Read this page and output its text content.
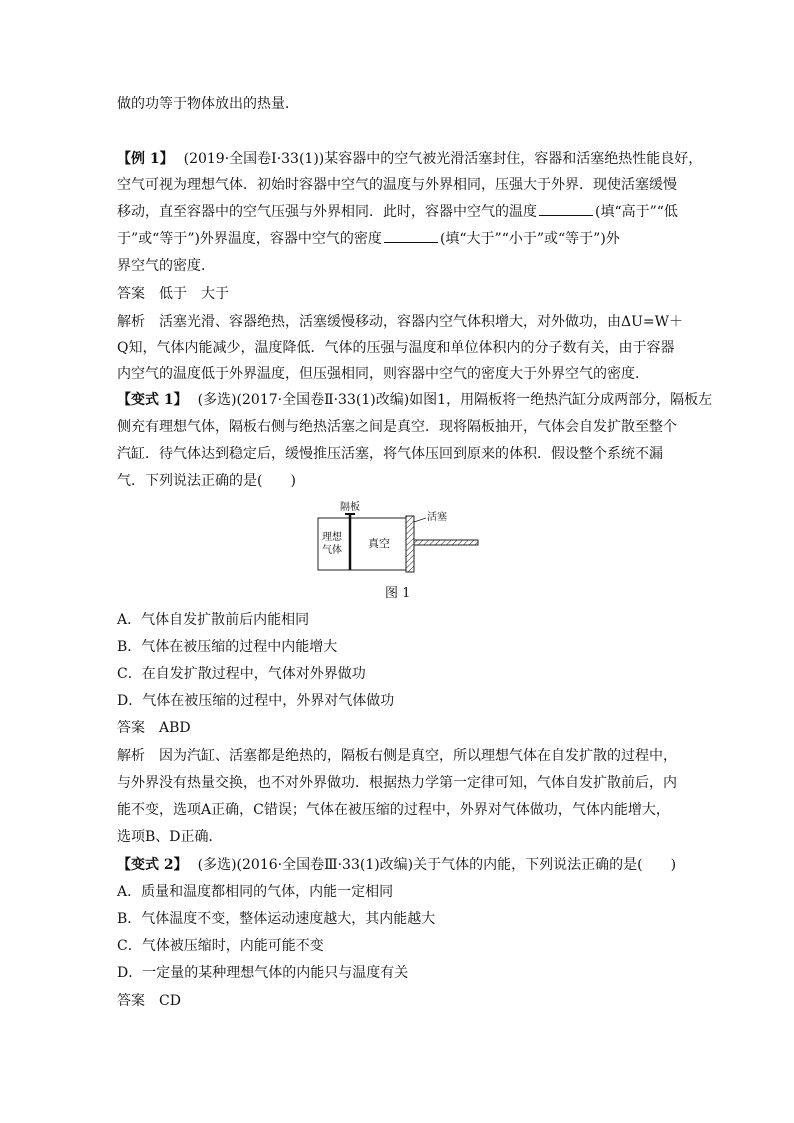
做的功等于物体放出的热量．
【例 1】 (2019·全国卷Ⅰ·33(1))某容器中的空气被光滑活塞封住，容器和活塞绝热性能良好，
空气可视为理想气体．初始时容器中空气的温度与外界相同，压强大于外界．现使活塞缓慢
移动，直至容器中的空气压强与外界相同．此时，容器中空气的温度	(填“高于”“低
于”或“等于”)外界温度，容器中空气的密度	(填“大于”“小于”或“等于”)外
界空气的密度．
答案 低于　大于
解析 活塞光滑、容器绝热，活塞缓慢移动，容器内空气体积增大，对外做功，由ΔU=W＋
Q知，气体内能减少，温度降低．气体的压强与温度和单位体积内的分子数有关，由于容器
内空气的温度低于外界温度，但压强相同，则容器中空气的密度大于外界空气的密度．
【变式 1】 (多选)(2017·全国卷Ⅱ·33(1)改编)如图1，用隔板将一绝热汽缸分成两部分，隔板左
侧充有理想气体，隔板右侧与绝热活塞之间是真空．现将隔板抽开，气体会自发扩散至整个
汽缸．待气体达到稳定后，缓慢推压活塞，将气体压回到原来的体积．假设整个系统不漏
气．下列说法正确的是(　　)
隔板
活塞
理想
气体
真空
图 1
A．气体自发扩散前后内能相同
B．气体在被压缩的过程中内能增大
C．在自发扩散过程中，气体对外界做功
D．气体在被压缩的过程中，外界对气体做功
答案 ABD
解析 因为汽缸、活塞都是绝热的，隔板右侧是真空，所以理想气体在自发扩散的过程中，
与外界没有热量交换，也不对外界做功．根据热力学第一定律可知，气体自发扩散前后，内
能不变，选项A正确，C错误；气体在被压缩的过程中，外界对气体做功，气体内能增大，
选项B、D正确．
【变式 2】 (多选)(2016·全国卷Ⅲ·33(1)改编)关于气体的内能，下列说法正确的是(　　)
A．质量和温度都相同的气体，内能一定相同
B．气体温度不变，整体运动速度越大，其内能越大
C．气体被压缩时，内能可能不变
D．一定量的某种理想气体的内能只与温度有关
答案 CD
